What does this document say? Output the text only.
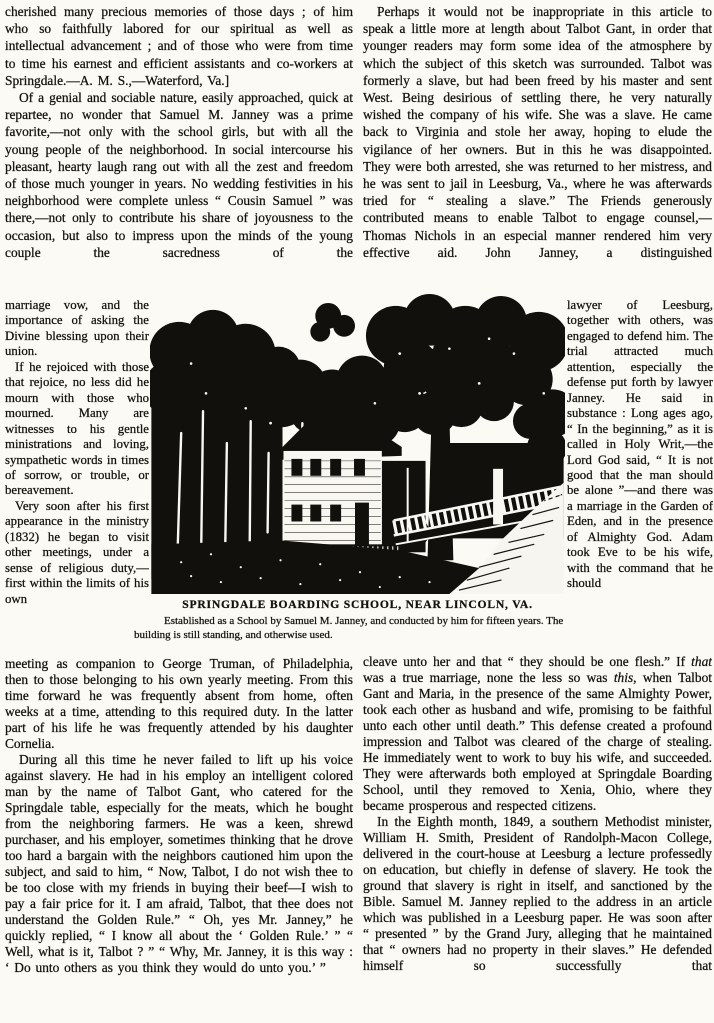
cherished many precious memories of those days ; of him who so faithfully labored for our spiritual as well as intellectual advancement ; and of those who were from time to time his earnest and efficient assistants and co-workers at Springdale.—A. M. S.,—Waterford, Va.]

Of a genial and sociable nature, easily approached, quick at repartee, no wonder that Samuel M. Janney was a prime favorite,—not only with the school girls, but with all the young people of the neighborhood. In social intercourse his pleasant, hearty laugh rang out with all the zest and freedom of those much younger in years. No wedding festivities in his neighborhood were complete unless “ Cousin Samuel ” was there,—not only to contribute his share of joyousness to the occasion, but also to impress upon the minds of the young couple the sacredness of the

marriage vow, and the importance of asking the Divine blessing upon their union.

If he rejoiced with those that rejoice, no less did he mourn with those who mourned. Many are witnesses to his gentle ministrations and loving, sympathetic words in times of sorrow, or trouble, or bereavement.

Very soon after his first appearance in the ministry (1832) he began to visit other meetings, under a sense of religious duty,—first within the limits of his own

meeting as companion to George Truman, of Philadelphia, then to those belonging to his own yearly meeting. From this time forward he was frequently absent from home, often weeks at a time, attending to this required duty. In the latter part of his life he was frequently attended by his daughter Cornelia.

During all this time he never failed to lift up his voice against slavery. He had in his employ an intelligent colored man by the name of Talbot Gant, who catered for the Springdale table, especially for the meats, which he bought from the neighboring farmers. He was a keen, shrewd purchaser, and his employer, sometimes thinking that he drove too hard a bargain with the neighbors cautioned him upon the subject, and said to him, “ Now, Talbot, I do not wish thee to be too close with my friends in buying their beef—I wish to pay a fair price for it. I am afraid, Talbot, that thee does not understand the Golden Rule.” “ Oh, yes Mr. Janney,” he quickly replied, “ I know all about the ‘ Golden Rule.’ ” “ Well, what is it, Talbot ? ” “ Why, Mr. Janney, it is this way : ‘ Do unto others as you think they would do unto you.’ ”

Perhaps it would not be inappropriate in this article to speak a little more at length about Talbot Gant, in order that younger readers may form some idea of the atmosphere by which the subject of this sketch was surrounded. Talbot was formerly a slave, but had been freed by his master and sent West. Being desirious of settling there, he very naturally wished the company of his wife. She was a slave. He came back to Virginia and stole her away, hoping to elude the vigilance of her owners. But in this he was disappointed. They were both arrested, she was returned to her mistress, and he was sent to jail in Leesburg, Va., where he was afterwards tried for “ stealing a slave.” The Friends generously contributed means to enable Talbot to engage counsel,—Thomas Nichols in an especial manner rendered him very effective aid. John Janney, a distinguished

lawyer of Leesburg, together with others, was engaged to defend him. The trial attracted much attention, especially the defense put forth by lawyer Janney. He said in substance : Long ages ago, “ In the beginning,” as it is called in Holy Writ,—the Lord God said, “ It is not good that the man should be alone ”—and there was a marriage in the Garden of Eden, and in the presence of Almighty God. Adam took Eve to be his wife, with the command that he should

cleave unto her and that “ they should be one flesh.” If that was a true marriage, none the less so was this, when Talbot Gant and Maria, in the presence of the same Almighty Power, took each other as husband and wife, promising to be faithful unto each other until death.” This defense created a profound impression and Talbot was cleared of the charge of stealing. He immediately went to work to buy his wife, and succeeded. They were afterwards both employed at Springdale Boarding School, until they removed to Xenia, Ohio, where they became prosperous and respected citizens.

In the Eighth month, 1849, a southern Methodist minister, William H. Smith, President of Randolph-Macon College, delivered in the court-house at Leesburg a lecture professedly on education, but chiefly in defense of slavery. He took the ground that slavery is right in itself, and sanctioned by the Bible. Samuel M. Janney replied to the address in an article which was published in a Leesburg paper. He was soon after “ presented ” by the Grand Jury, alleging that he maintained that “ owners had no property in their slaves.” He defended himself so successfully that

SPRINGDALE BOARDING SCHOOL, NEAR LINCOLN, VA.
Established as a School by Samuel M. Janney, and conducted by him for fifteen years. The building is still standing, and otherwise used.
